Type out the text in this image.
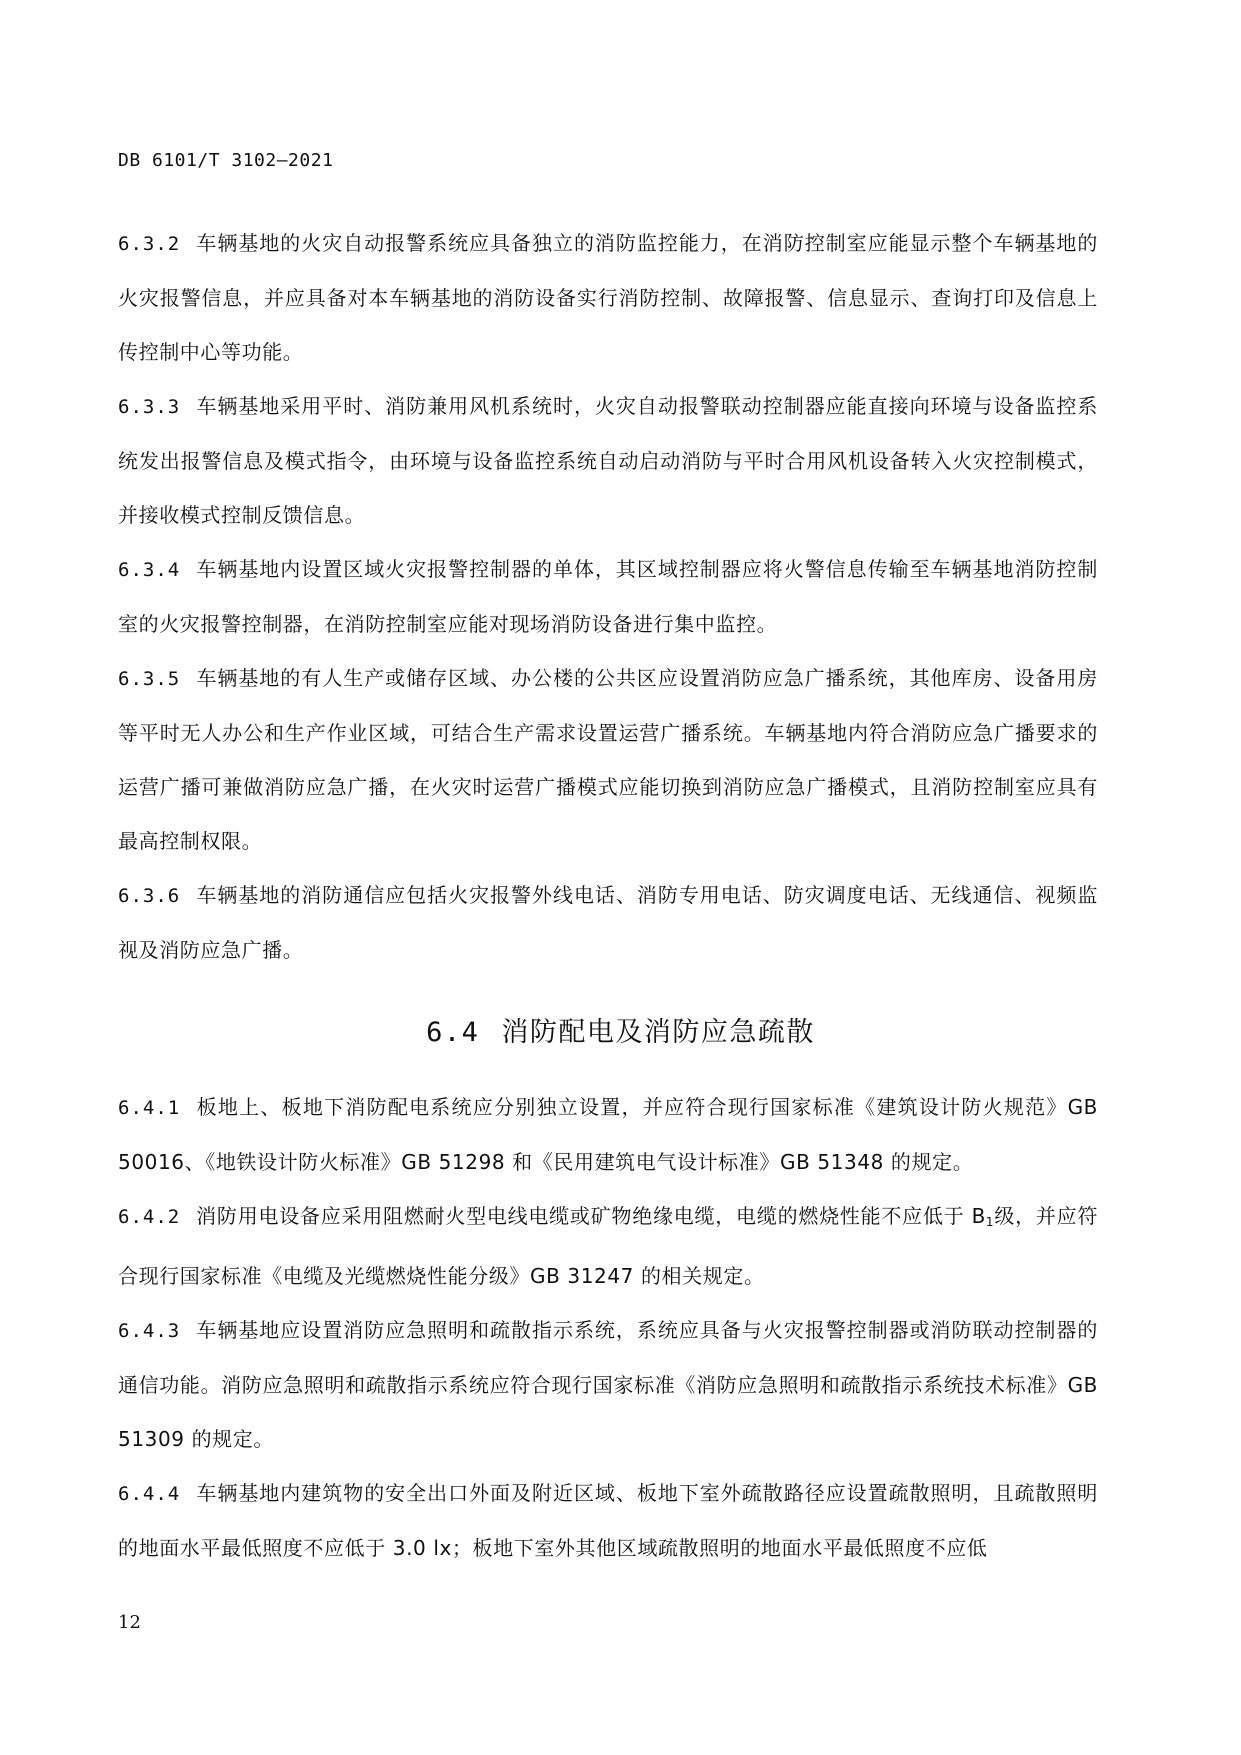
DB 6101/T 3102—2021
6.3.2 车辆基地的火灾自动报警系统应具备独立的消防监控能力，在消防控制室应能显示整个车辆基地的火灾报警信息，并应具备对本车辆基地的消防设备实行消防控制、故障报警、信息显示、查询打印及信息上传控制中心等功能。
6.3.3 车辆基地采用平时、消防兼用风机系统时，火灾自动报警联动控制器应能直接向环境与设备监控系统发出报警信息及模式指令，由环境与设备监控系统自动启动消防与平时合用风机设备转入火灾控制模式，并接收模式控制反馈信息。
6.3.4 车辆基地内设置区域火灾报警控制器的单体，其区域控制器应将火警信息传输至车辆基地消防控制室的火灾报警控制器，在消防控制室应能对现场消防设备进行集中监控。
6.3.5 车辆基地的有人生产或储存区域、办公楼的公共区应设置消防应急广播系统，其他库房、设备用房等平时无人办公和生产作业区域，可结合生产需求设置运营广播系统。车辆基地内符合消防应急广播要求的运营广播可兼做消防应急广播，在火灾时运营广播模式应能切换到消防应急广播模式，且消防控制室应具有最高控制权限。
6.3.6 车辆基地的消防通信应包括火灾报警外线电话、消防专用电话、防灾调度电话、无线通信、视频监视及消防应急广播。
6.4 消防配电及消防应急疏散
6.4.1 板地上、板地下消防配电系统应分别独立设置，并应符合现行国家标准《建筑设计防火规范》GB 50016、《地铁设计防火标准》GB 51298 和《民用建筑电气设计标准》GB 51348 的规定。
6.4.2 消防用电设备应采用阻燃耐火型电线电缆或矿物绝缘电缆，电缆的燃烧性能不应低于 B1级，并应符合现行国家标准《电缆及光缆燃烧性能分级》GB 31247 的相关规定。
6.4.3 车辆基地应设置消防应急照明和疏散指示系统，系统应具备与火灾报警控制器或消防联动控制器的通信功能。消防应急照明和疏散指示系统应符合现行国家标准《消防应急照明和疏散指示系统技术标准》GB 51309 的规定。
6.4.4 车辆基地内建筑物的安全出口外面及附近区域、板地下室外疏散路径应设置疏散照明，且疏散照明的地面水平最低照度不应低于 3.0 lx；板地下室外其他区域疏散照明的地面水平最低照度不应低
12
